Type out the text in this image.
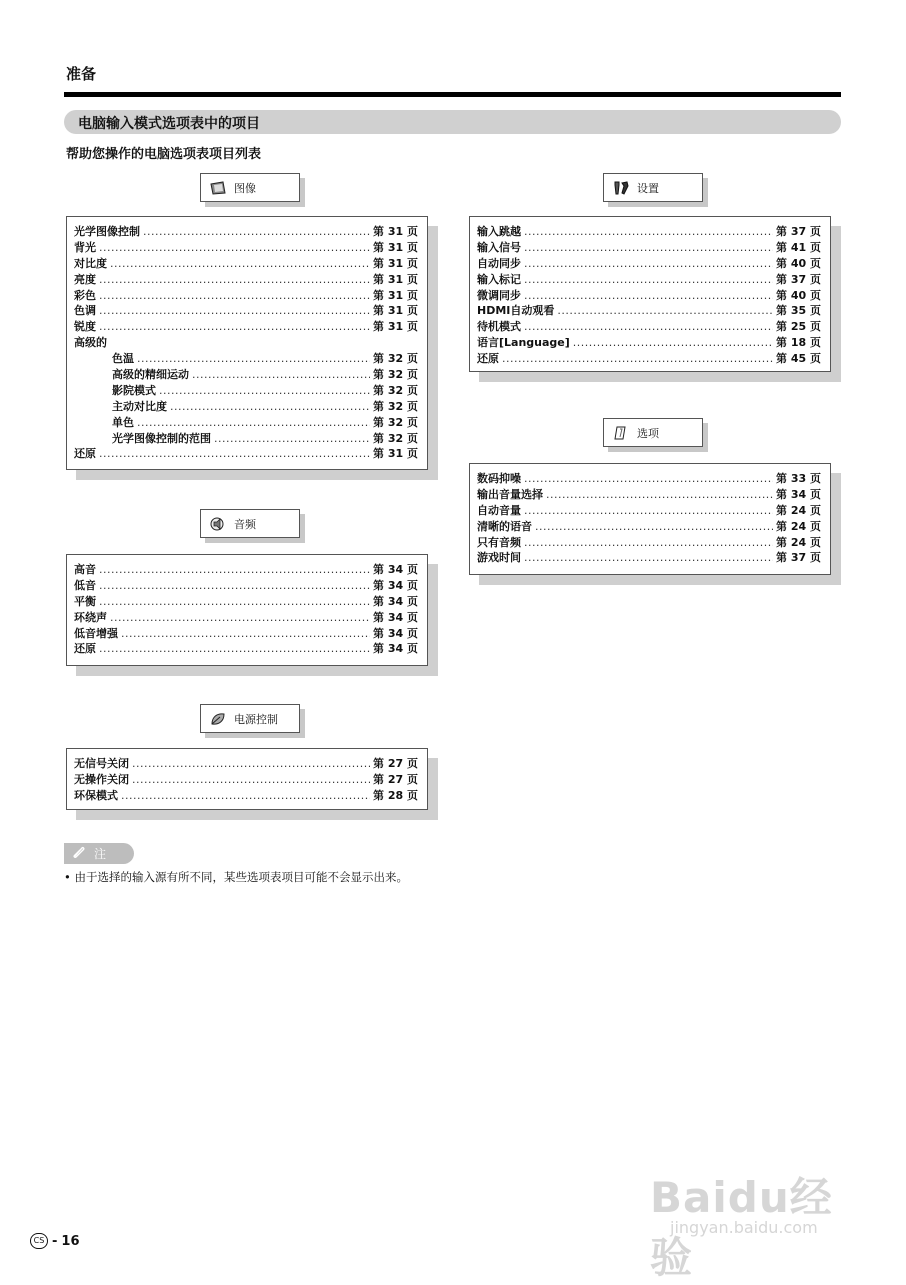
准备
电脑输入模式选项表中的项目
帮助您操作的电脑选项表项目列表
图像
光学图像控制 .....	第 31 页
背光 .....	第 31 页
对比度 .....	第 31 页
亮度 .....	第 31 页
彩色 .....	第 31 页
色调 .....	第 31 页
锐度 .....	第 31 页
高级的
色温 .....	第 32 页
高级的精细运动 .....	第 32 页
影院模式 .....	第 32 页
主动对比度 .....	第 32 页
单色 .....	第 32 页
光学图像控制的范围 .....	第 32 页
还原 .....	第 31 页
音频
高音 .....	第 34 页
低音 .....	第 34 页
平衡 .....	第 34 页
环绕声 .....	第 34 页
低音增强 .....	第 34 页
还原 .....	第 34 页
电源控制
无信号关闭 .....	第 27 页
无操作关闭 .....	第 27 页
环保模式 .....	第 28 页
设置
输入跳越 .....	第 37 页
输入信号 .....	第 41 页
自动同步 .....	第 40 页
输入标记 .....	第 37 页
微调同步 .....	第 40 页
HDMI自动观看 .....	第 35 页
待机模式 .....	第 25 页
语言[Language] .....	第 18 页
还原 .....	第 45 页
选项
数码抑噪 .....	第 33 页
输出音量选择 .....	第 34 页
自动音量 .....	第 24 页
清晰的语音 .....	第 24 页
只有音频 .....	第 24 页
游戏时间 .....	第 37 页
注
• 由于选择的输入源有所不同，某些选项表项目可能不会显示出来。
CS - 16
Baidu经验
jingyan.baidu.com
